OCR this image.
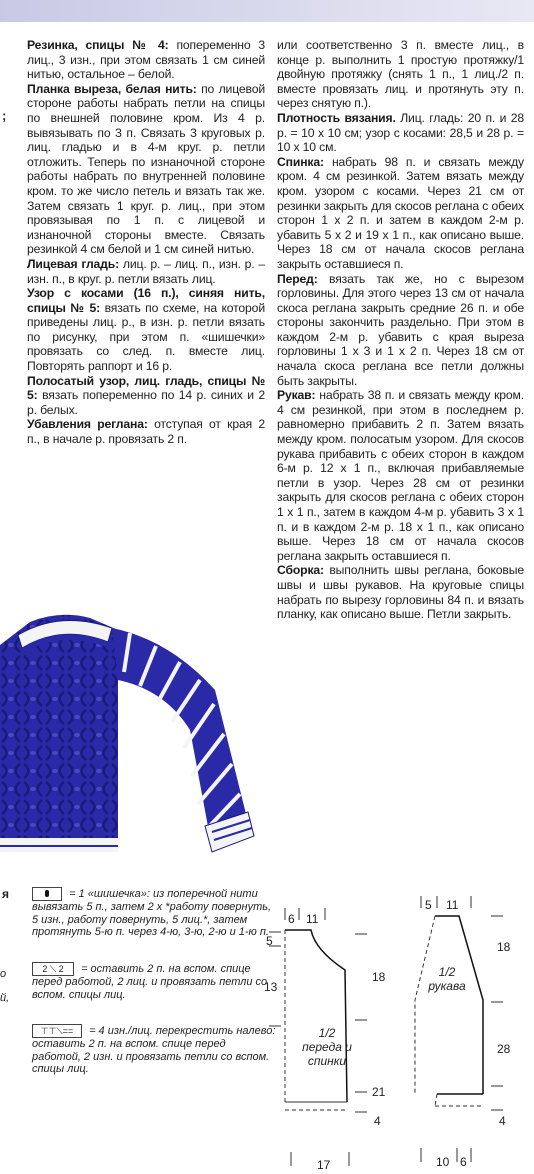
Резинка, спицы № 4: попеременно 3 лиц., 3 изн., при этом связать 1 см синей нитью, остальное – белой.

Планка выреза, белая нить: по лицевой стороне работы набрать петли на спицы по внешней половине кром. Из 4 р. вывязывать по 3 п. Связать 3 круговых р. лиц. гладью и в 4-м круг. р. петли отложить. Теперь по изнаночной стороне работы набрать по внутренней половине кром. то же число петель и вязать так же. Затем связать 1 круг. р. лиц., при этом провязывая по 1 п. с лицевой и изнаночной стороны вместе. Связать резинкой 4 см белой и 1 см синей нитью.

Лицевая гладь: лиц. р. – лиц. п., изн. р. – изн. п., в круг. р. петли вязать лиц.

Узор с косами (16 п.), синяя нить, спицы № 5: вязать по схеме, на которой приведены лиц. р., в изн. р. петли вязать по рисунку, при этом п. «шишечки» провязать со след. п. вместе лиц. Повторять раппорт и 16 р.

Полосатый узор, лиц. гладь, спицы № 5: вязать попеременно по 14 р. синих и 2 р. белых.

Убавления реглана: отступая от края 2 п., в начале р. провязать 2 п.

или соответственно 3 п. вместе лиц., в конце р. выполнить 1 простую протяжку/1 двойную протяжку (снять 1 п., 1 лиц./2 п. вместе провязать лиц. и протянуть эту п. через снятую п.).

Плотность вязания. Лиц. гладь: 20 п. и 28 р. = 10 х 10 см; узор с косами: 28,5 и 28 р. = 10 х 10 см.

Спинка: набрать 98 п. и связать между кром. 4 см резинкой. Затем вязать между кром. узором с косами. Через 21 см от резинки закрыть для скосов реглана с обеих сторон 1 х 2 п. и затем в каждом 2-м р. убавить 5 х 2 и 19 х 1 п., как описано выше. Через 18 см от начала скосов реглана закрыть оставшиеся п.

Перед: вязать так же, но с вырезом горловины. Для этого через 13 см от начала скоса реглана закрыть средние 26 п. и обе стороны закончить раздельно. При этом в каждом 2-м р. убавить с края выреза горловины 1 х 3 и 1 х 2 п. Через 18 см от начала скоса реглана все петли должны быть закрыты.

Рукав: набрать 38 п. и связать между кром. 4 см резинкой, при этом в последнем р. равномерно прибавить 2 п. Затем вязать между кром. полосатым узором. Для скосов рукава прибавить с обеих сторон в каждом 6-м р. 12 х 1 п., включая прибавляемые петли в узор. Через 28 см от резинки закрыть для скосов реглана с обеих сторон 1 х 1 п., затем в каждом 4-м р. убавить 3 х 1 п. и в каждом 2-м р. 18 х 1 п., как описано выше. Через 18 см от начала скосов реглана закрыть оставшиеся п.

Сборка: выполнить швы реглана, боковые швы и швы рукавов. На круговые спицы набрать по вырезу горловины 84 п. и вязать планку, как описано выше. Петли закрыть.

;
я
о
й,
= 1 «шишечка»: из поперечной нити вывязать 5 п., затем 2 х *работу повернуть, 5 изн., работу повернуть, 5 лиц.*, затем протянуть 5-ю п. через 4-ю, 3-ю, 2-ю и 1-ю п.
2 ⟍ 2 = оставить 2 п. на вспом. спице перед работой, 2 лиц. и провязать петли со вспом. спицы лиц.
⊤⊤⟍== = 4 изн./лиц. перекрестить налево: оставить 2 п. на вспом. спице перед работой, 2 изн. и провязать петли со вспом. спицы лиц.
6 11
5
13
18
21
4
17
1/2 переда и спинки
5 11
18
28
4
10 6
1/2 рукава
